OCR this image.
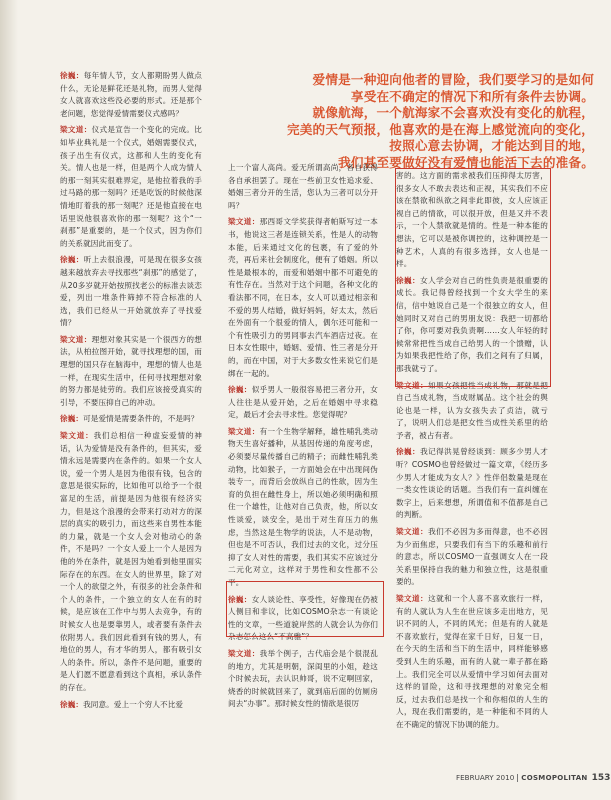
爱情是一种迎向他者的冒险，我们要学习的是如何
享受在不确定的情况下和所有条件去协调。
就像航海，一个航海家不会喜欢没有变化的航程，
完美的天气预报，他喜欢的是在海上感觉流向的变化，
按照心意去协调，才能达到目的地，
我们甚至要做好没有爱情也能活下去的准备。

徐巍：每年情人节，女人都期盼男人做点什么，无论是鲜花还是礼物，而男人觉得女人就喜欢这些没必要的形式。还是那个老问题，您觉得爱情需要仪式感吗？

梁文道：仪式是宣告一个变化的完成。比如毕业典礼是一个仪式，婚姻需要仪式，孩子出生有仪式，这都和人生的变化有关。情人也是一样，但是两个人成为情人的那一刻其实很难界定，是他拉着我的手过马路的那一刻吗？还是吃饭的时候他深情地盯着我的那一刻呢？还是他直接在电话里说他很喜欢你的那一刻呢？这个“一刹那”是重要的，是一个仪式，因为你们的关系就因此而变了。

徐巍：听上去很浪漫，可是现在很多女孩越来越放弃去寻找那些“刹那”的感觉了，从20多岁就开始按照找老公的标准去谈恋爱，列出一堆条件筛掉不符合标准的人选，我们已经从一开始就放弃了寻找爱情？

梁文道：理想对象其实是一个很西方的想法，从柏拉图开始，就寻找理想的国，而理想的国只存在脑海中，理想的情人也是一样，在现实生活中，任何寻找理想对象的努力都是徒劳的。我们应该接受真实的引导，不要压抑自己的冲动。

徐巍：可是爱情是需要条件的，不是吗？

梁文道：我们总相信一种虚妄爱情的神话，认为爱情是没有条件的，但其实，爱情永远是需要内在条件的。如果一个女人说，爱一个男人是因为他很有钱，包含的意思是很实际的，比如他可以给予一个很富足的生活，前提是因为他很有经济实力，但是这个浪漫的会带来打动对方的深层的真实的吸引力，而这些来自男性本能的力量，就是一个女人会对他动心的条件，不是吗？一个女人爱上一个人是因为他的外在条件，就是因为她看到他里面实际存在的东西。在女人的世界里，除了对一个人的欲望之外，有很多的社会条件和个人的条件，一个独立的女人在有的时候，是应该在工作中与男人去竞争，有的时候女人也是要靠男人，或者要有条件去依附男人。我们因此看到有钱的男人，有地位的男人，有才华的男人，都有吸引女人的条件。所以，条件不是问题，重要的是人们愿不愿意看到这个真相，承认条件的存在。

徐巍：我同意。爱上一个穷人不比爱

上一个富人高尚。爱无所谓高尚，各自获得各自承担罢了。现在一些前卫女性追求爱、婚姻三者分开的生活，您认为三者可以分开吗？

梁文道：那西哥文学奖获得者帕斯写过一本书，他说这三者是连锁关系，性是人的动物本能，后来通过文化的包裹，有了爱的外壳，再后来社会制度化，便有了婚姻。所以性是最根本的，而爱和婚姻中都不可避免的有性存在。当然对于这个问题，各种文化的看法都不同，在日本，女人可以通过相亲和不爱的男人结婚，做好妈妈，好太太，然后在外面有一个很爱的情人，偶尔还可能和一个有性吸引力的男同事去汽车酒店过夜。在日本女性眼中，婚姻、爱情、性三者是分开的，而在中国，对于大多数女性来说它们是绑在一起的。

徐巍：似乎男人一般很容易把三者分开，女人往往是从爱开始，之后在婚姻中寻求稳定，最后才会去寻求性。您觉得呢？

梁文道：有一个生物学解释，雄性哺乳类动物天生喜好播种，从基因传递的角度考虑，必须要尽量传播自己的精子；而雌性哺乳类动物，比如猴子，一方面她会在中出现间伪装专一，而背后会放纵自己的性欲，因为生育的负担在雌性身上，所以她必须明确和照住一个雄性，让他对自己负责，他，所以女性谈爱，谈安全，是出于对生育压力的焦虑，当然这是生物学的说法，人不是动物，但也是不可否认，我们过去的文化，过分压抑了女人对性的需要，我们其实不应该过分二元化对立，这样对于男性和女性都不公平。

徐巍：女人谈论性、享受性，好像现在仍被人侧目和非议，比如COSMO杂志一有谈论性的文章，一些道貌岸然的人就会认为你们杂志怎么这么“不高雅”？

梁文道：我举个例子，古代庙会是个很混乱的地方，尤其是明朝，深闺里的小姐，趁这个时候去玩，去认识帅哥，说不定啊回家，烧香的时候就回来了，就到庙后面的仿厕房间去“办事”。那时候女性的情欲是很厉

害的。这方面的需求被我们压抑得太厉害，很多女人不敢去表达和正视，其实我们不应该在禁欲和纵欲之间非此即彼，女人应该正视自己的情欲，可以很开放，但是又并不表示，一个人禁欲就是情的。性是一种本能的想法，它可以是被你调控的，这种调控是一种艺术，人真的有很多选择，女人也是一样。

徐巍：女人学会对自己的性负责是很重要的成长。我记得曾经找到一个女大学生的来信，信中她说自己是一个很独立的女人，但她同时又对自己的男朋友说：我把一切都给了你，你可要对我负责啊……女人年轻的时候常常把性当成自己给男人的一个馈赠，认为如果我把性给了你，我们之间有了归属，那我就亏了。

梁文道：如果女孩把性当成礼物，那就是把自己当成礼物，当成财属品。这个社会的舆论也是一样，认为女孩失去了贞洁，就亏了，说明人们总是把女性当成性关系里的给予者，被占有者。

徐巍：我记得洪晃曾经谈到：顾多少男人才听？COSMO也曾经做过一篇文章，《经历多少男人才能成为女人？》性伴侣数量是现在一类女性谈论的话题。当我们有一直纠缠在数字上，后来想想，所谓值和不值都是自己的判断。

梁文道：我们不必因为多而得意，也不必因为少而焦虑，只要我们有当下的乐趣和前行的意志，所以COSMO一直强调女人在一段关系里保持自我的魅力和独立性，这是很重要的。

梁文道：这就和一个人喜不喜欢旅行一样，有的人就认为人生在世应该多走出地方，见识不同的人，不同的风光；但是有的人就是不喜欢旅行，觉得在家千日好，日复一日，在今天的生活和当下的生活中，同样能够感受到人生的乐趣，而有的人就一辈子都在路上。我们完全可以从爱情中学习如何去面对这样的冒险，这和寻找理想的对象完全相反，过去我们总是找一个和你相似的人生的人，现在我们需要的，是一种能和不同的人在不确定的情况下协调的能力。

FEBRUARY 2010 COSMOPOLITAN 153
